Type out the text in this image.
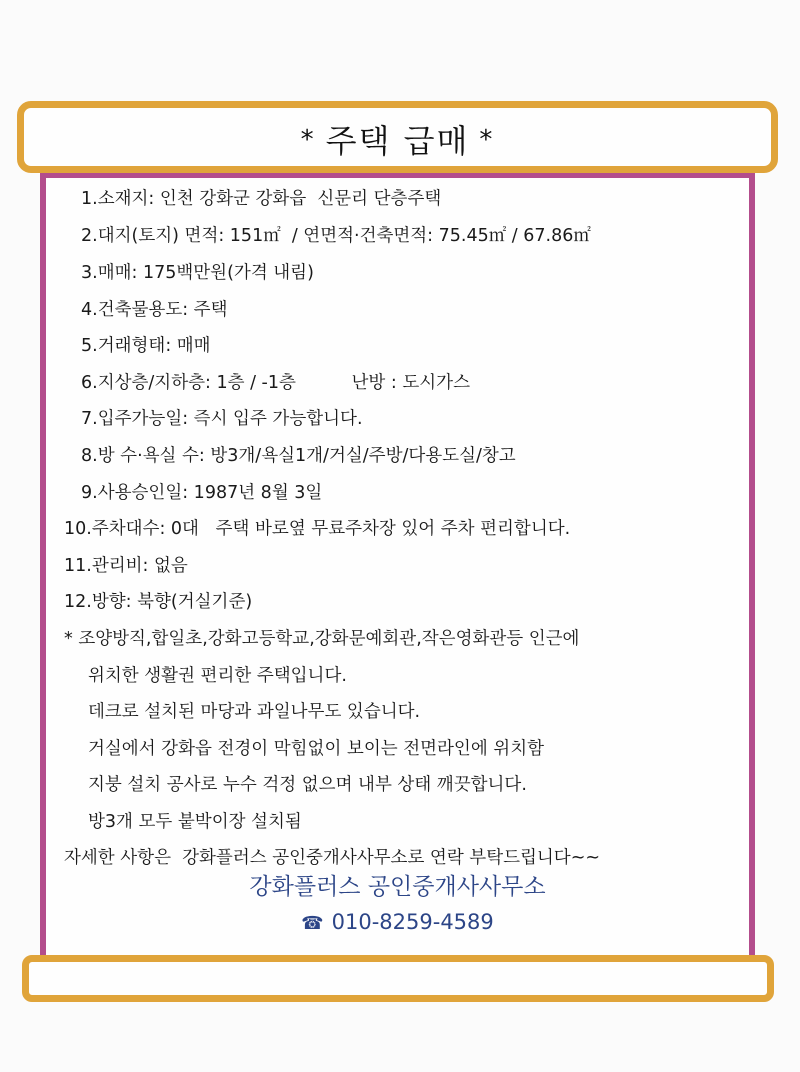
* 주택 급매 *
1.소재지: 인천 강화군 강화읍  신문리 단층주택
2.대지(토지) 면적: 151㎡  / 연면적·건축면적: 75.45㎡ / 67.86㎡
3.매매: 175백만원(가격 내림)
4.건축물용도: 주택
5.거래형태: 매매
6.지상층/지하층: 1층 / -1층          난방 : 도시가스
7.입주가능일: 즉시 입주 가능합니다.
8.방 수·욕실 수: 방3개/욕실1개/거실/주방/다용도실/창고
9.사용승인일: 1987년 8월 3일
10.주차대수: 0대   주택 바로옆 무료주차장 있어 주차 편리합니다.
11.관리비: 없음
12.방향: 북향(거실기준)
* 조양방직,합일초,강화고등학교,강화문예회관,작은영화관등 인근에
위치한 생활권 편리한 주택입니다.
데크로 설치된 마당과 과일나무도 있습니다.
거실에서 강화읍 전경이 막힘없이 보이는 전면라인에 위치함
지붕 설치 공사로 누수 걱정 없으며 내부 상태 깨끗합니다.
방3개 모두 붙박이장 설치됨
자세한 사항은  강화플러스 공인중개사사무소로 연락 부탁드립니다~~
강화플러스 공인중개사사무소
☎ 010-8259-4589
